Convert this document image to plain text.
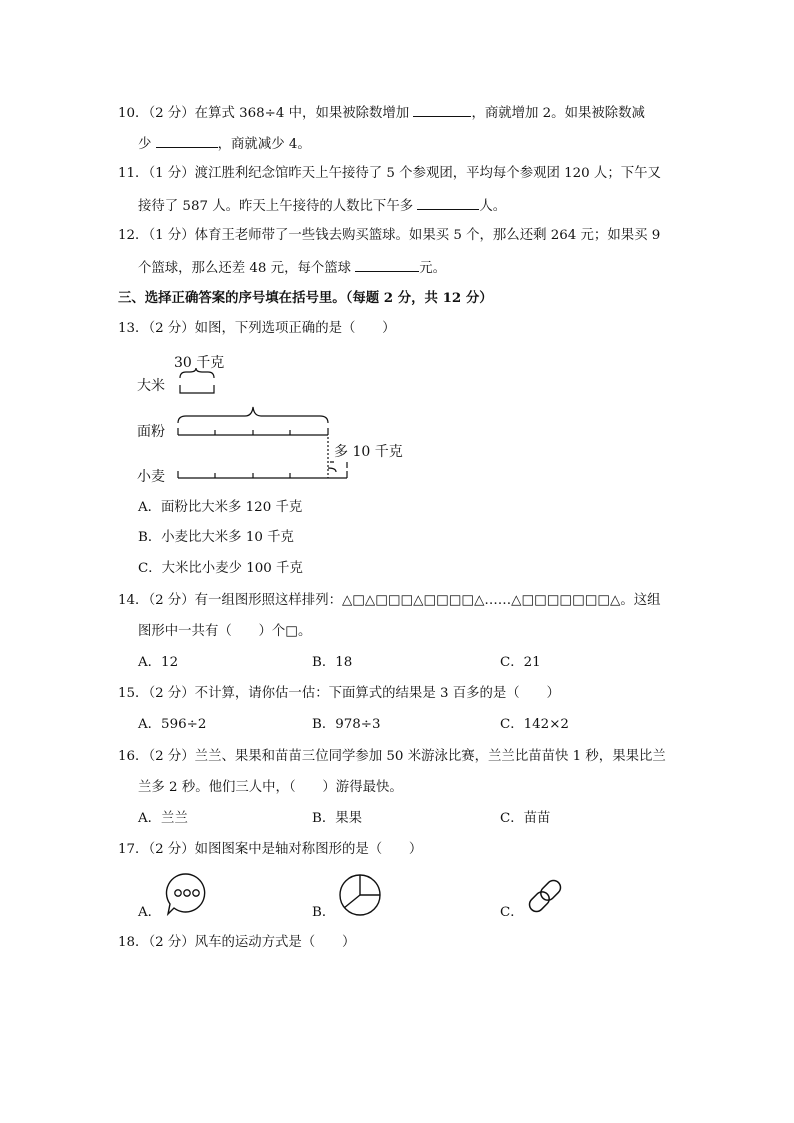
10．（2 分）在算式 368÷4 中，如果被除数增加	，商就增加 2。如果被除数减
少	，商就减少 4。
11．（1 分）渡江胜利纪念馆昨天上午接待了 5 个参观团，平均每个参观团 120 人；下午又
接待了 587 人。昨天上午接待的人数比下午多	人。
12．（1 分）体育王老师带了一些钱去购买篮球。如果买 5 个，那么还剩 264 元；如果买 9
个篮球，那么还差 48 元，每个篮球	元。
三、选择正确答案的序号填在括号里。（每题 2 分，共 12 分）
13．（2 分）如图，下列选项正确的是（　　）
30 千克
大米
面粉
小麦
多 10 千克
A．面粉比大米多 120 千克
B．小麦比大米多 10 千克
C．大米比小麦少 100 千克
14．（2 分）有一组图形照这样排列：△□△□□□△□□□□△……△□□□□□□□△。这组
图形中一共有（　　）个□。
A．12	B．18	C．21
15．（2 分）不计算，请你估一估：下面算式的结果是 3 百多的是（　　）
A．596÷2	B．978÷3	C．142×2
16．（2 分）兰兰、果果和苗苗三位同学参加 50 米游泳比赛，兰兰比苗苗快 1 秒，果果比兰
兰多 2 秒。他们三人中，（　　）游得最快。
A．兰兰	B．果果	C．苗苗
17．（2 分）如图图案中是轴对称图形的是（　　）
A．	B．	C．
18．（2 分）风车的运动方式是（　　）
